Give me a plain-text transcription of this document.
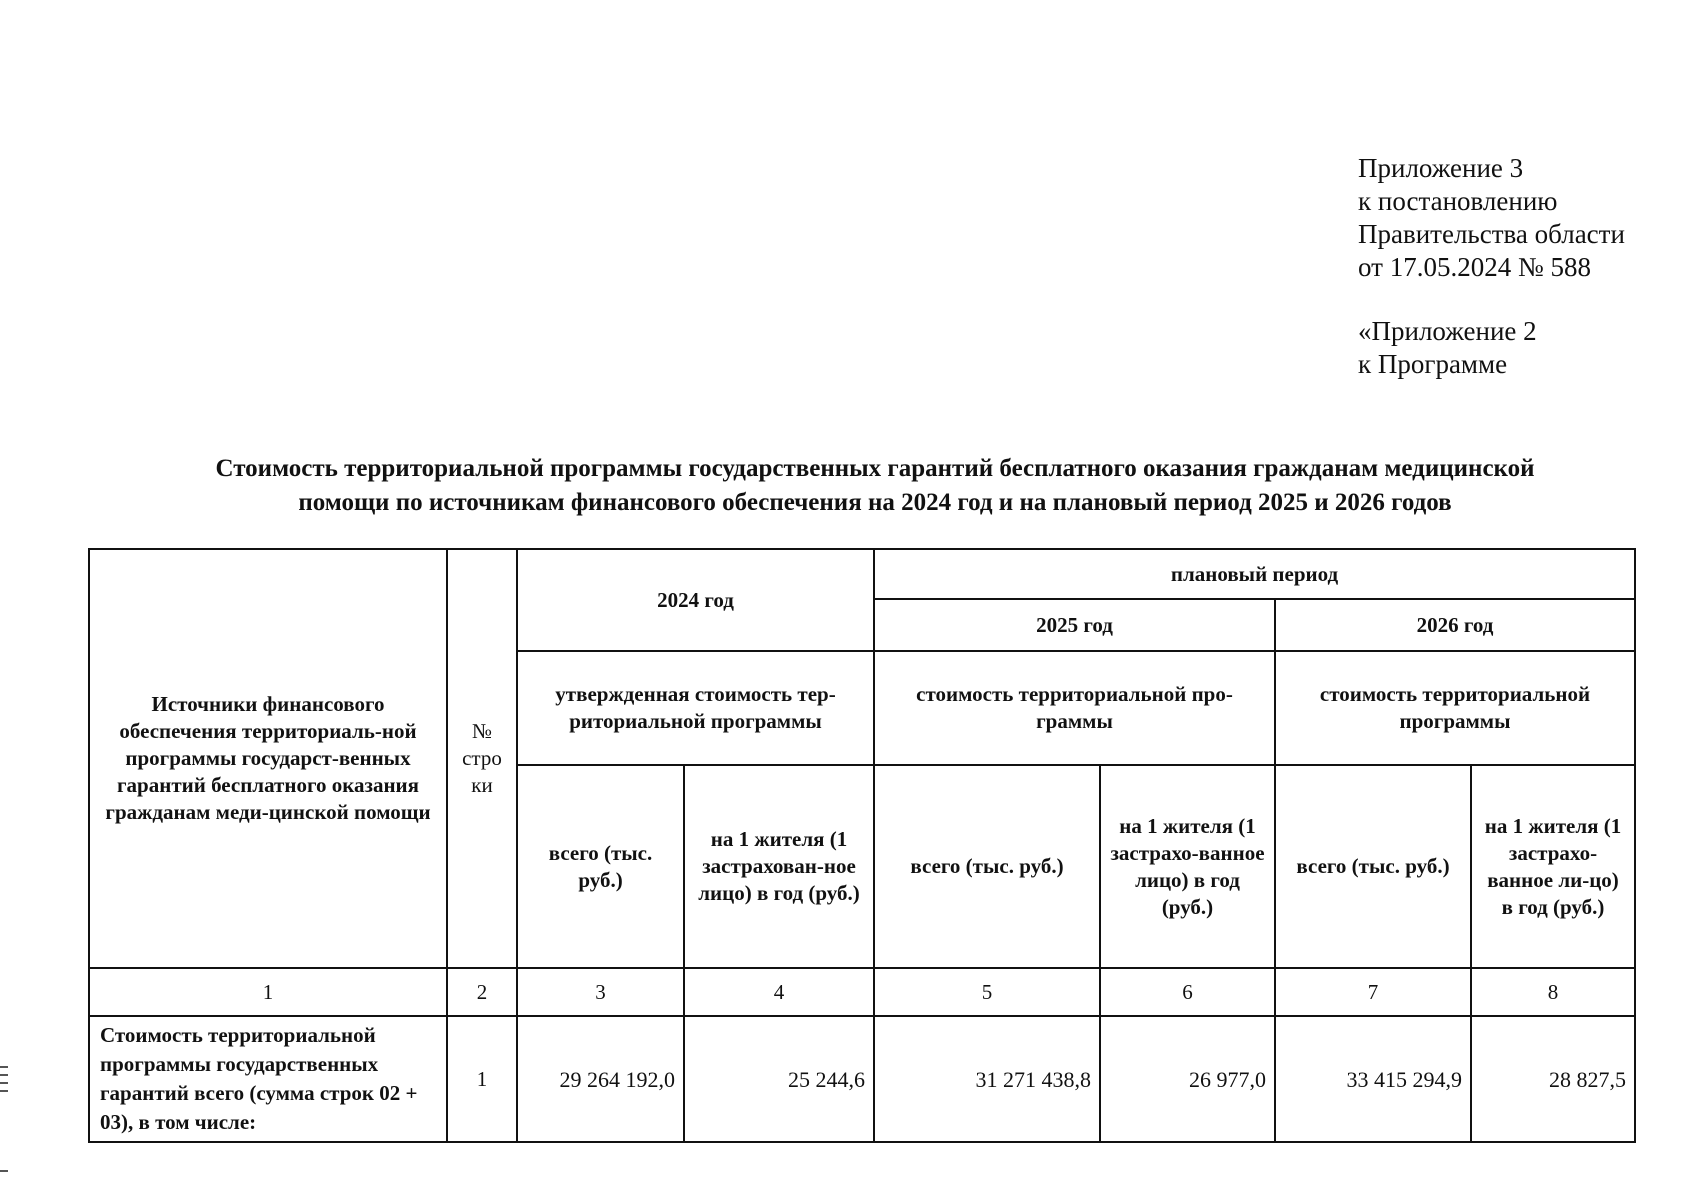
Приложение 3
к постановлению
Правительства области
от 17.05.2024 № 588
«Приложение 2
к Программе
Стоимость территориальной программы государственных гарантий бесплатного оказания гражданам медицинской
помощи по источникам финансового обеспечения на 2024 год и на плановый период 2025 и 2026 годов
Источники финансового обеспечения территориаль-ной программы государст-венных гарантий бесплатного оказания гражданам меди-цинской помощи	№ стро ки	2024 год		плановый период			
				2025 год		2026 год	
		утвержденная стоимость тер-риториальной программы		стоимость территориальной про-граммы		стоимость территориальной программы	
		всего (тыс. руб.)	на 1 жителя (1 застрахован-ное лицо) в год (руб.)	всего (тыс. руб.)	на 1 жителя (1 застрахо-ванное лицо) в год (руб.)	всего (тыс. руб.)	на 1 жителя (1 застрахо-ванное ли-цо) в год (руб.)
1	2	3	4	5	6	7	8
Стоимость территориальной программы государственных гарантий всего (сумма строк 02 + 03), в том числе:	1	29 264 192,0	25 244,6	31 271 438,8	26 977,0	33 415 294,9	28 827,5
